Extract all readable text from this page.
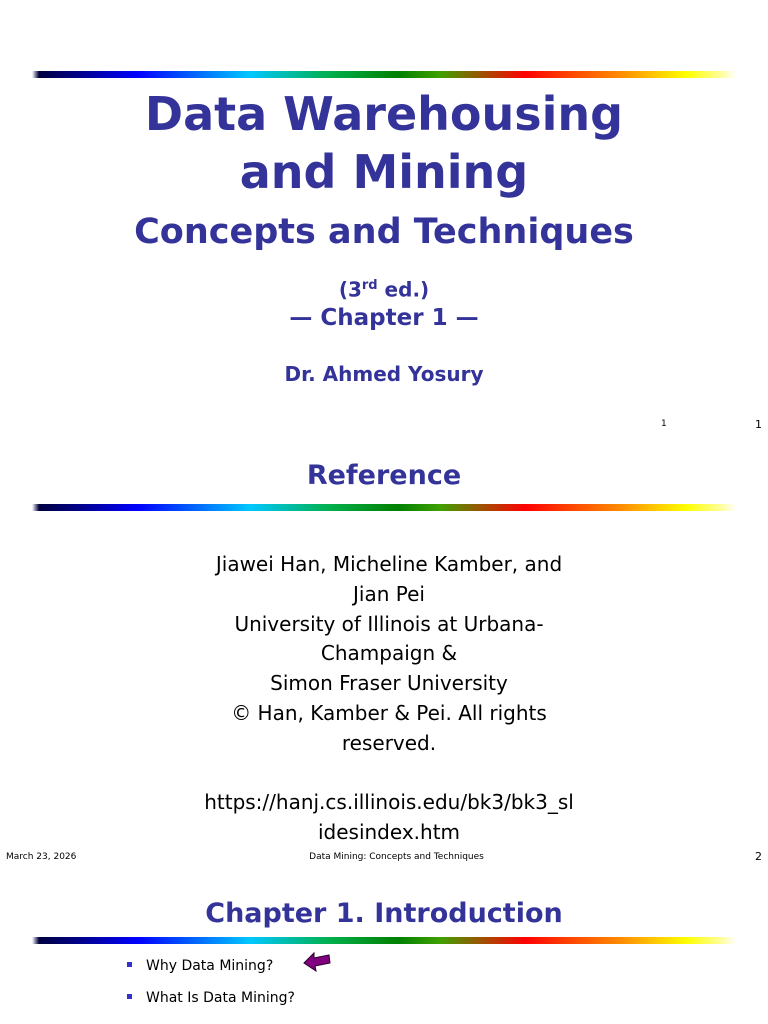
Data Warehousing
and Mining
Concepts and Techniques
(3rd ed.)
— Chapter 1 —
Dr. Ahmed Yosury
1	1
Reference
Jiawei Han, Micheline Kamber, and
Jian Pei
University of Illinois at Urbana-
Champaign &
Simon Fraser University
© Han, Kamber & Pei. All rights
reserved.
https://hanj.cs.illinois.edu/bk3/bk3_sl
idesindex.htm
March 23, 2026	Data Mining: Concepts and Techniques	2
Chapter 1. Introduction
Why Data Mining?
What Is Data Mining?
